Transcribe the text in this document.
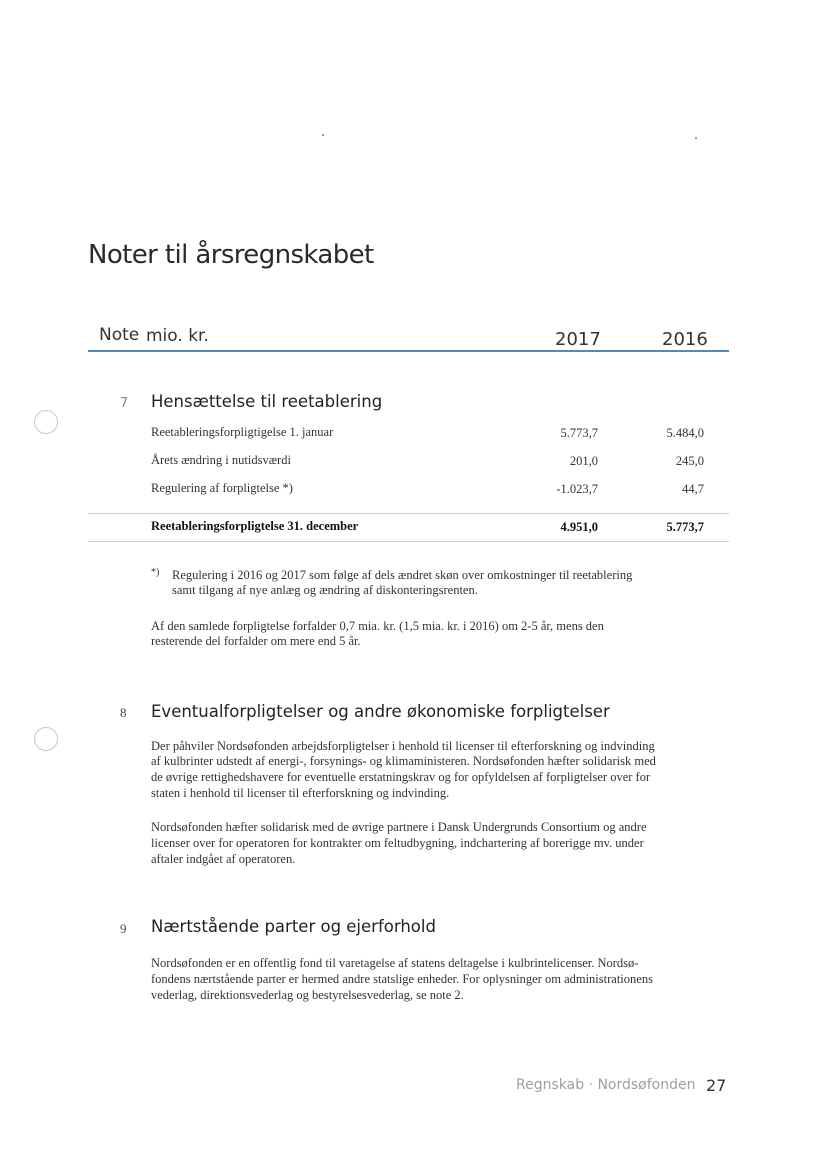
Noter til årsregnskabet
Note mio. kr.	2017	2016
7 Hensættelse til reetablering
Reetableringsforpligtigelse 1. januar	5.773,7	5.484,0
Årets ændring i nutidsværdi	201,0	245,0
Regulering af forpligtelse *)	-1.023,7	44,7
Reetableringsforpligtelse 31. december	4.951,0	5.773,7
*) Regulering i 2016 og 2017 som følge af dels ændret skøn over omkostninger til reetablering
samt tilgang af nye anlæg og ændring af diskonteringsrenten.
Af den samlede forpligtelse forfalder 0,7 mia. kr. (1,5 mia. kr. i 2016) om 2-5 år, mens den
resterende del forfalder om mere end 5 år.
8 Eventualforpligtelser og andre økonomiske forpligtelser
Der påhviler Nordsøfonden arbejdsforpligtelser i henhold til licenser til efterforskning og indvinding
af kulbrinter udstedt af energi-, forsynings- og klimaministeren. Nordsøfonden hæfter solidarisk med
de øvrige rettighedshavere for eventuelle erstatningskrav og for opfyldelsen af forpligtelser over for
staten i henhold til licenser til efterforskning og indvinding.
Nordsøfonden hæfter solidarisk med de øvrige partnere i Dansk Undergrunds Consortium og andre
licenser over for operatoren for kontrakter om feltudbygning, indchartering af borerigge mv. under
aftaler indgået af operatoren.
9 Nærtstående parter og ejerforhold
Nordsøfonden er en offentlig fond til varetagelse af statens deltagelse i kulbrintelicenser. Nordsø-
fondens nærtstående parter er hermed andre statslige enheder. For oplysninger om administrationens
vederlag, direktionsvederlag og bestyrelsesvederlag, se note 2.
Regnskab · Nordsøfonden 27
